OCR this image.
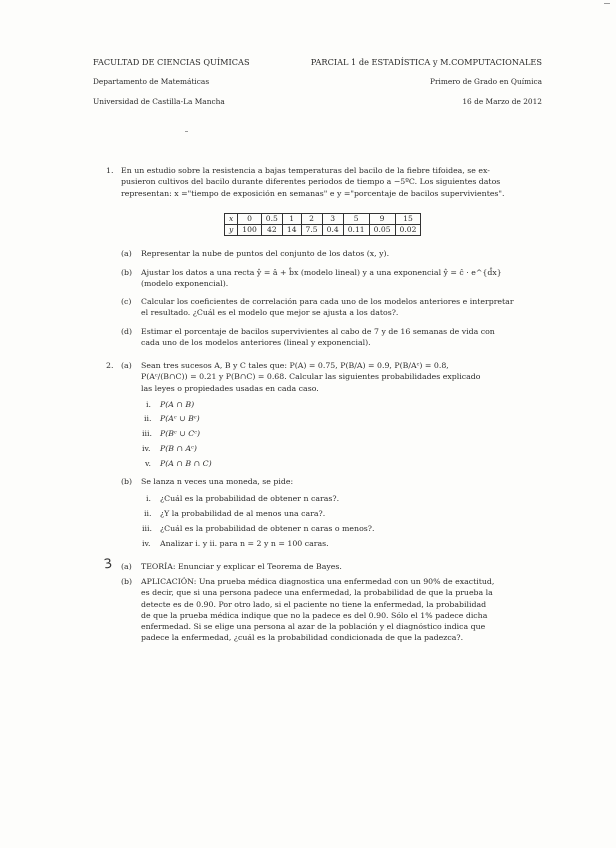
FACULTAD DE CIENCIAS QUÍMICAS	PARCIAL 1 de ESTADÍSTICA y M.COMPUTACIONALES
Departamento de Matemáticas	Primero de Grado en Química
Universidad de Castilla-La Mancha	16 de Marzo de 2012
1. En un estudio sobre la resistencia a bajas temperaturas del bacilo de la fiebre tifoidea, se ex-
pusieron cultivos del bacilo durante diferentes periodos de tiempo a −5ºC. Los siguientes datos
representan: x ="tiempo de exposición en semanas" e y ="porcentaje de bacilos supervivientes".
x	0	0.5	1	2	3	5	9	15
y	100	42	14	7.5	0.4	0.11	0.05	0.02
(a) Representar la nube de puntos del conjunto de los datos (x, y).
(b) Ajustar los datos a una recta ŷ = â + b̂x (modelo lineal) y a una exponencial ŷ = ĉ · e^{d̂x}
(modelo exponencial).
(c) Calcular los coeficientes de correlación para cada uno de los modelos anteriores e interpretar
el resultado. ¿Cuál es el modelo que mejor se ajusta a los datos?.
(d) Estimar el porcentaje de bacilos supervivientes al cabo de 7 y de 16 semanas de vida con
cada uno de los modelos anteriores (lineal y exponencial).
2. (a) Sean tres sucesos A, B y C tales que: P(A) = 0.75, P(B/A) = 0.9, P(B/Aᶜ) = 0.8,
P(Aᶜ/(B∩C)) = 0.21 y P(B∩C) = 0.68. Calcular las siguientes probabilidades explicado
las leyes o propiedades usadas en cada caso.
i. P(A ∩ B)
ii. P(Aᶜ ∪ Bᶜ)
iii. P(Bᶜ ∪ Cᶜ)
iv. P(B ∩ Aᶜ)
v. P(A ∩ B ∩ C)
(b) Se lanza n veces una moneda, se pide:
i. ¿Cuál es la probabilidad de obtener n caras?.
ii. ¿Y la probabilidad de al menos una cara?.
iii. ¿Cuál es la probabilidad de obtener n caras o menos?.
iv. Analizar i. y ii. para n = 2 y n = 100 caras.
3 (a) TEORÍA: Enunciar y explicar el Teorema de Bayes.
(b) APLICACIÓN: Una prueba médica diagnostica una enfermedad con un 90% de exactitud,
es decir, que si una persona padece una enfermedad, la probabilidad de que la prueba la
detecte es de 0.90. Por otro lado, si el paciente no tiene la enfermedad, la probabilidad
de que la prueba médica indique que no la padece es del 0.90. Sólo el 1% padece dicha
enfermedad. Si se elige una persona al azar de la población y el diagnóstico indica que
padece la enfermedad, ¿cuál es la probabilidad condicionada de que la padezca?.
